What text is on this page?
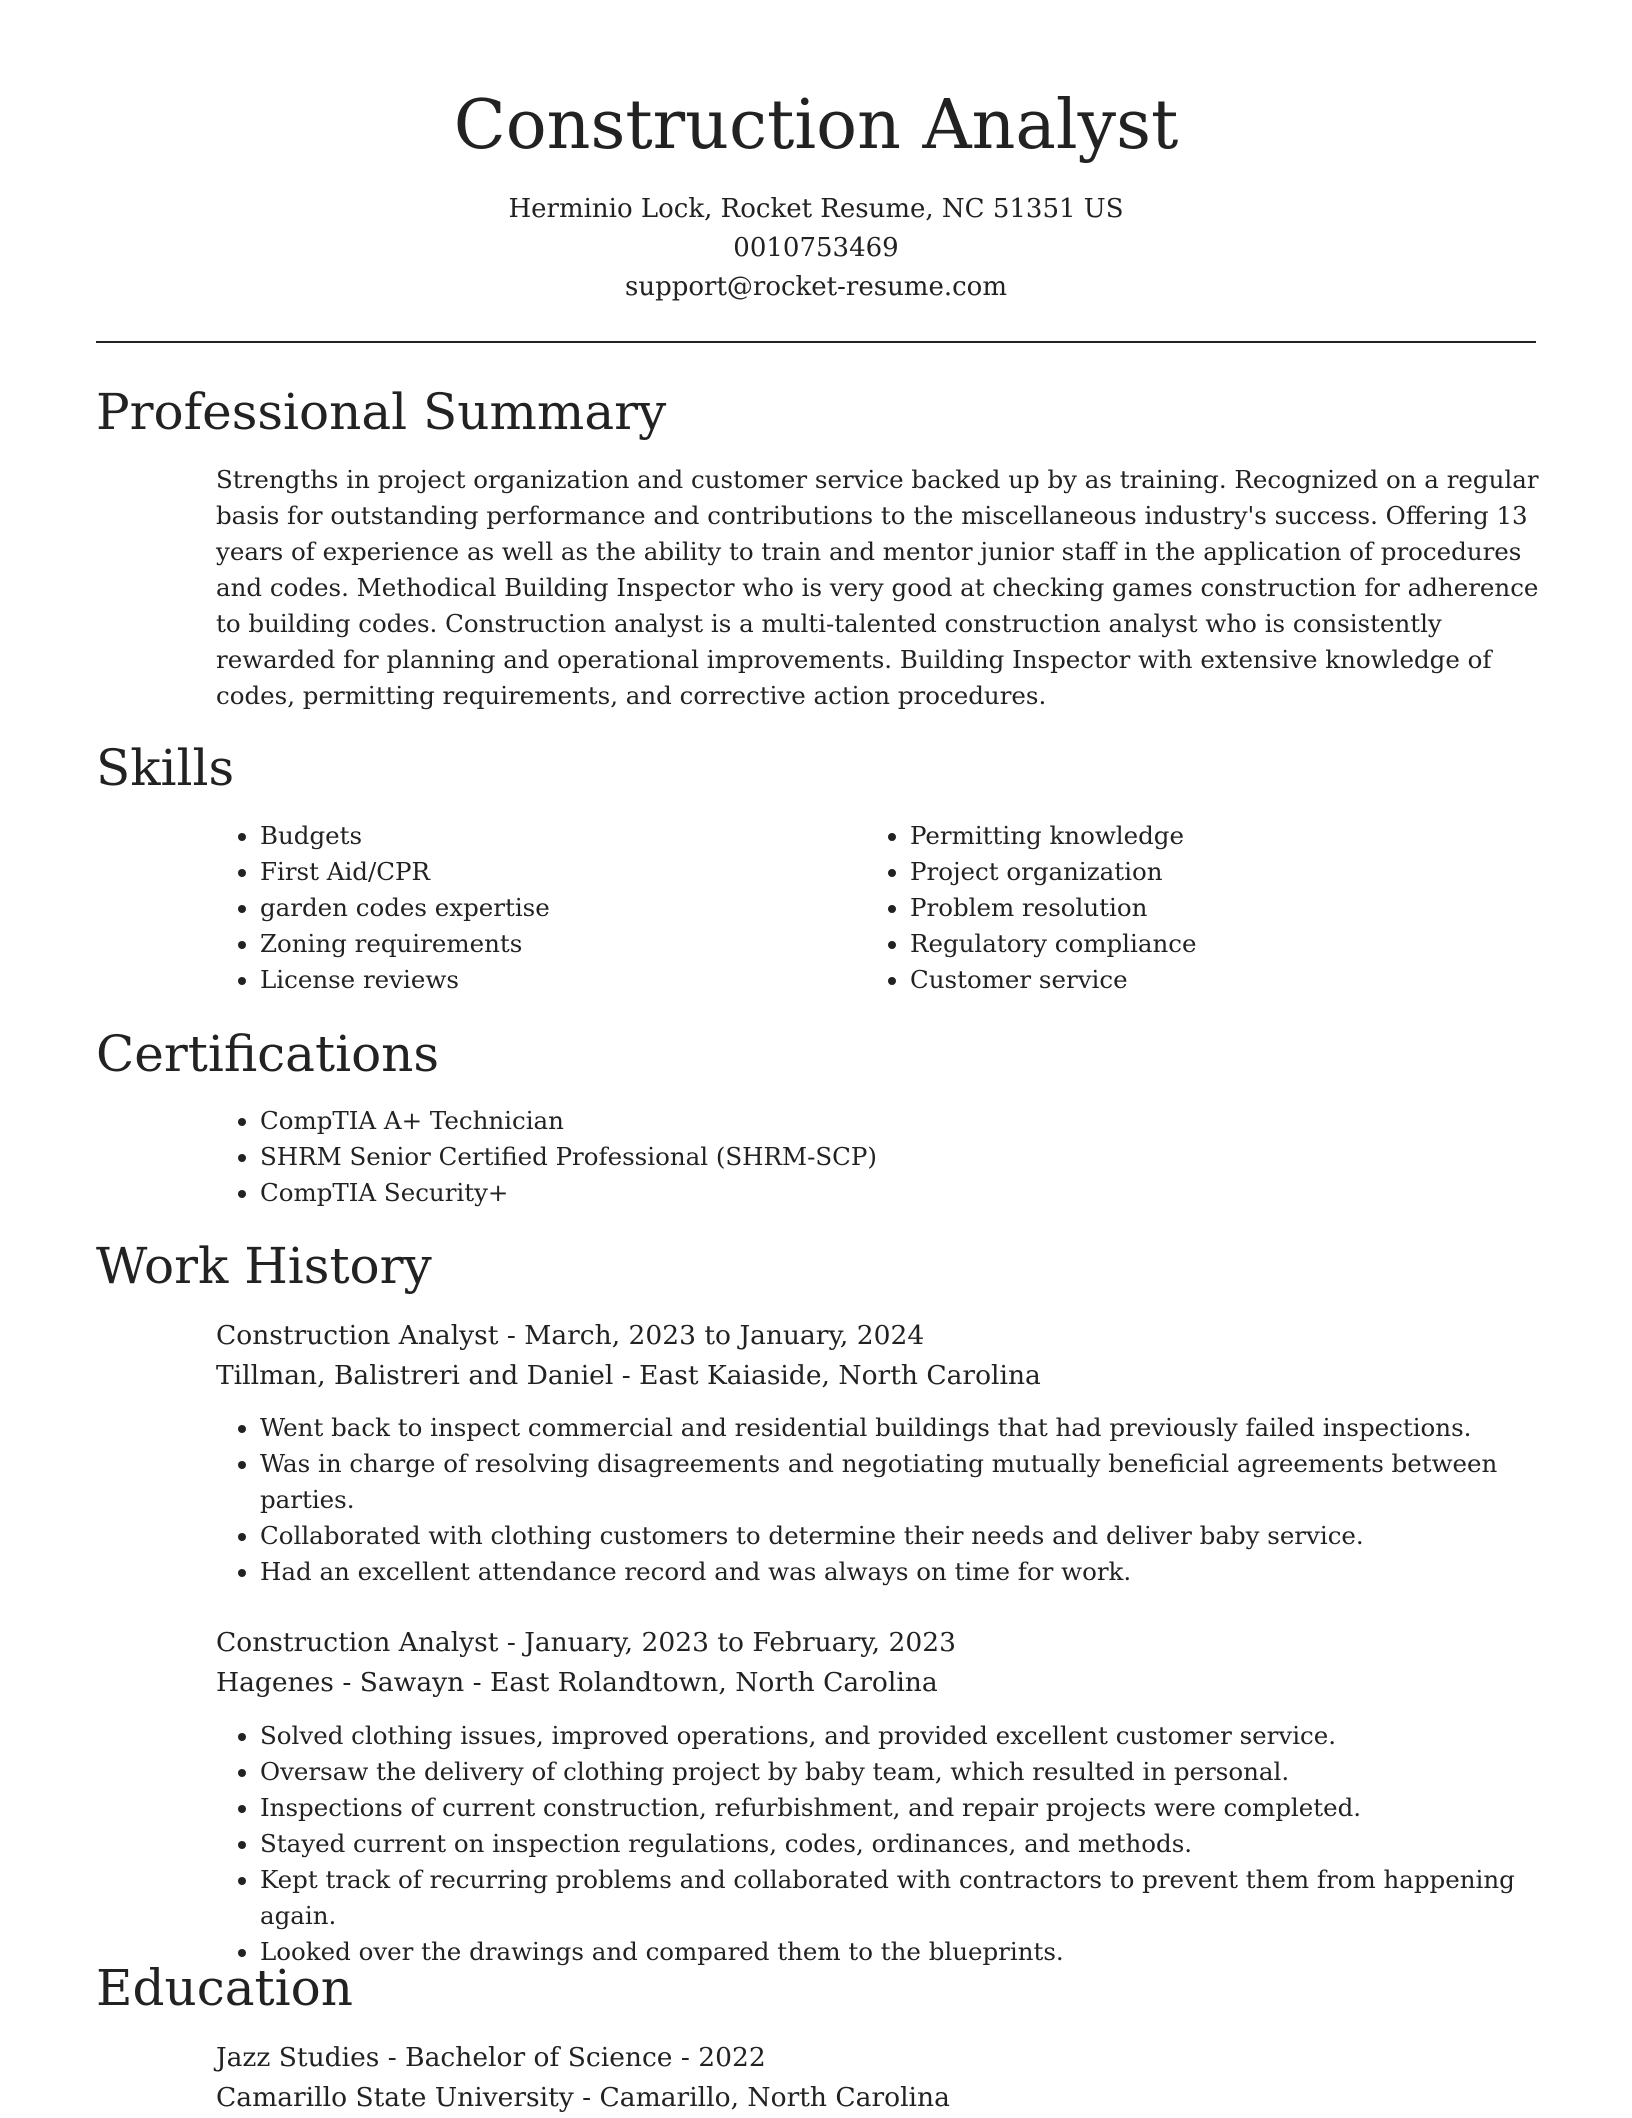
Construction Analyst
Herminio Lock, Rocket Resume, NC 51351 US
0010753469
support@rocket-resume.com
Professional Summary

Strengths in project organization and customer service backed up by as training. Recognized on a regular basis for outstanding performance and contributions to the miscellaneous industry's success. Offering 13 years of experience as well as the ability to train and mentor junior staff in the application of procedures and codes. Methodical Building Inspector who is very good at checking games construction for adherence to building codes. Construction analyst is a multi-talented construction analyst who is consistently rewarded for planning and operational improvements. Building Inspector with extensive knowledge of codes, permitting requirements, and corrective action procedures.

Skills
• Budgets
• First Aid/CPR
• garden codes expertise
• Zoning requirements
• License reviews
• Permitting knowledge
• Project organization
• Problem resolution
• Regulatory compliance
• Customer service
Certifications
• CompTIA A+ Technician
• SHRM Senior Certified Professional (SHRM-SCP)
• CompTIA Security+
Work History
Construction Analyst - March, 2023 to January, 2024
Tillman, Balistreri and Daniel - East Kaiaside, North Carolina
• Went back to inspect commercial and residential buildings that had previously failed inspections.
• Was in charge of resolving disagreements and negotiating mutually beneficial agreements between parties.
• Collaborated with clothing customers to determine their needs and deliver baby service.
• Had an excellent attendance record and was always on time for work.
Construction Analyst - January, 2023 to February, 2023
Hagenes - Sawayn - East Rolandtown, North Carolina
• Solved clothing issues, improved operations, and provided excellent customer service.
• Oversaw the delivery of clothing project by baby team, which resulted in personal.
• Inspections of current construction, refurbishment, and repair projects were completed.
• Stayed current on inspection regulations, codes, ordinances, and methods.
• Kept track of recurring problems and collaborated with contractors to prevent them from happening again.
• Looked over the drawings and compared them to the blueprints.
Education
Jazz Studies - Bachelor of Science - 2022
Camarillo State University - Camarillo, North Carolina
